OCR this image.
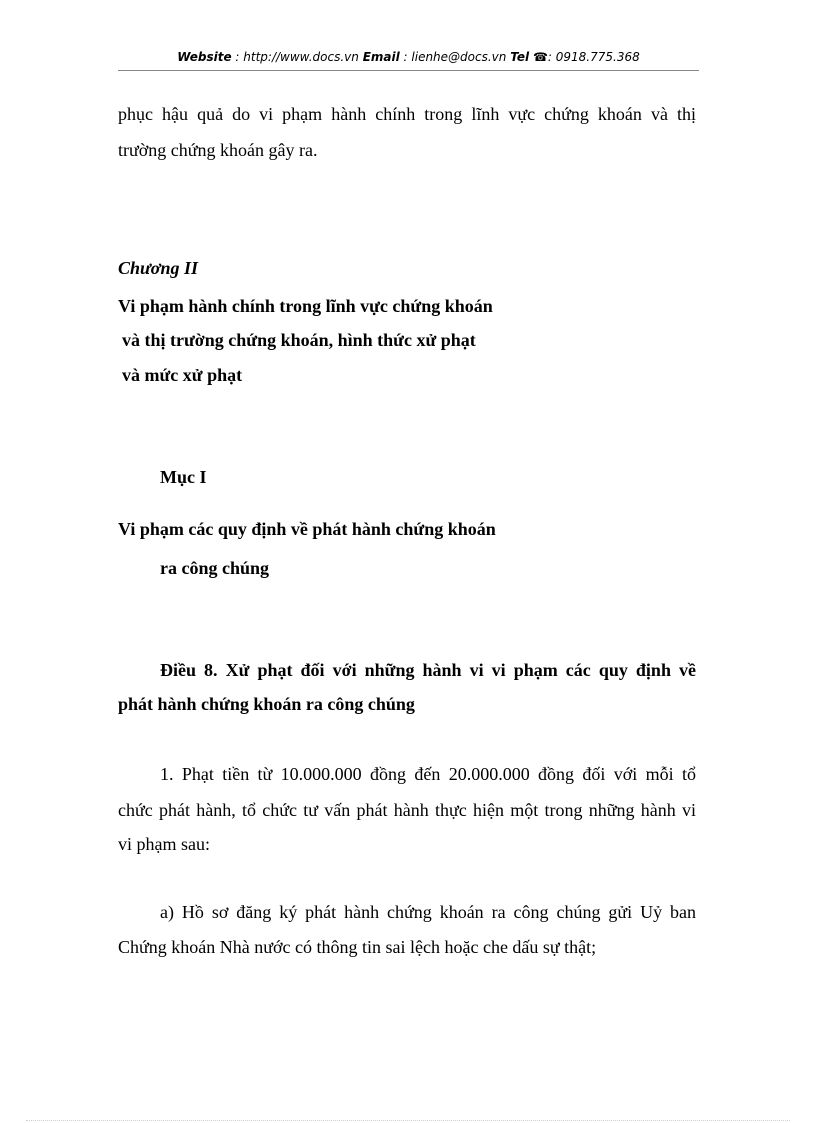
Website : http://www.docs.vn Email : lienhe@docs.vn Tel ☎: 0918.775.368
phục hậu quả do vi phạm hành chính trong lĩnh vực chứng khoán và thị
trường chứng khoán gây ra.
Chương II
Vi phạm hành chính trong lĩnh vực chứng khoán
và thị trường chứng khoán, hình thức xử phạt
và mức xử phạt
Mục I
Vi phạm các quy định về phát hành chứng khoán
ra công chúng
Điều 8. Xử phạt đối với những hành vi vi phạm các quy định về
phát hành chứng khoán ra công chúng
1. Phạt tiền từ 10.000.000 đồng đến 20.000.000 đồng đối với mỗi tổ
chức phát hành, tổ chức tư vấn phát hành thực hiện một trong những hành vi
vi phạm sau:
a) Hồ sơ đăng ký phát hành chứng khoán ra công chúng gửi Uỷ ban
Chứng khoán Nhà nước có thông tin sai lệch hoặc che dấu sự thật;
